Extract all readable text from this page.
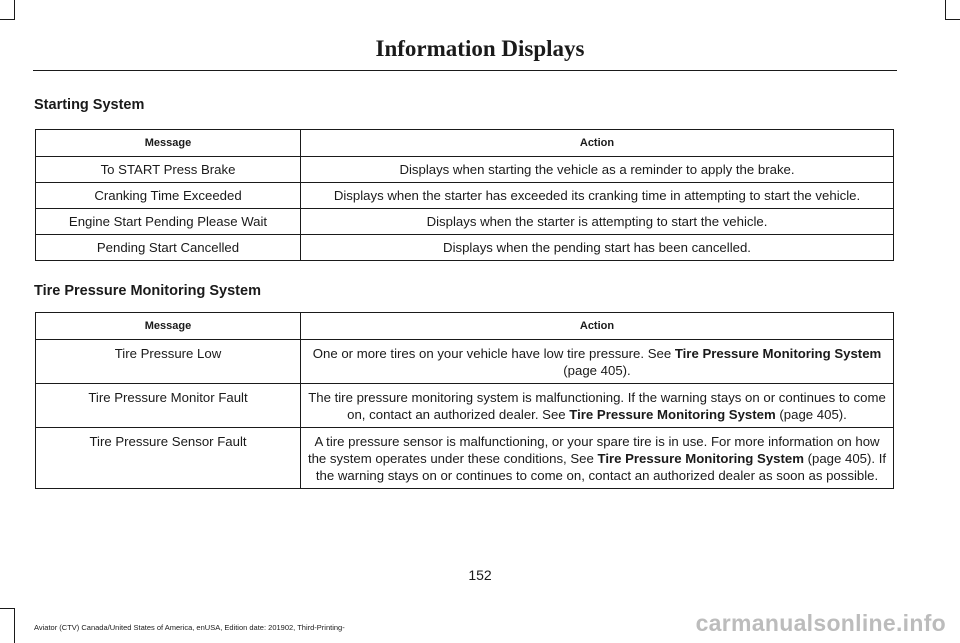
Information Displays
Starting System
Message	Action
To START Press Brake	Displays when starting the vehicle as a reminder to apply the brake.
Cranking Time Exceeded	Displays when the starter has exceeded its cranking time in attempting to start the vehicle.
Engine Start Pending Please Wait	Displays when the starter is attempting to start the vehicle.
Pending Start Cancelled	Displays when the pending start has been cancelled.
Tire Pressure Monitoring System
Message	Action
Tire Pressure Low	One or more tires on your vehicle have low tire pressure. See Tire Pressure Monitoring System (page 405).
Tire Pressure Monitor Fault	The tire pressure monitoring system is malfunctioning. If the warning stays on or continues to come on, contact an authorized dealer. See Tire Pressure Monitoring System (page 405).
Tire Pressure Sensor Fault	A tire pressure sensor is malfunctioning, or your spare tire is in use. For more information on how the system operates under these conditions, See Tire Pressure Monitoring System (page 405). If the warning stays on or continues to come on, contact an authorized dealer as soon as possible.
152
Aviator (CTV) Canada/United States of America, enUSA, Edition date: 201902, Third-Printing-	carmanualsonline.info
